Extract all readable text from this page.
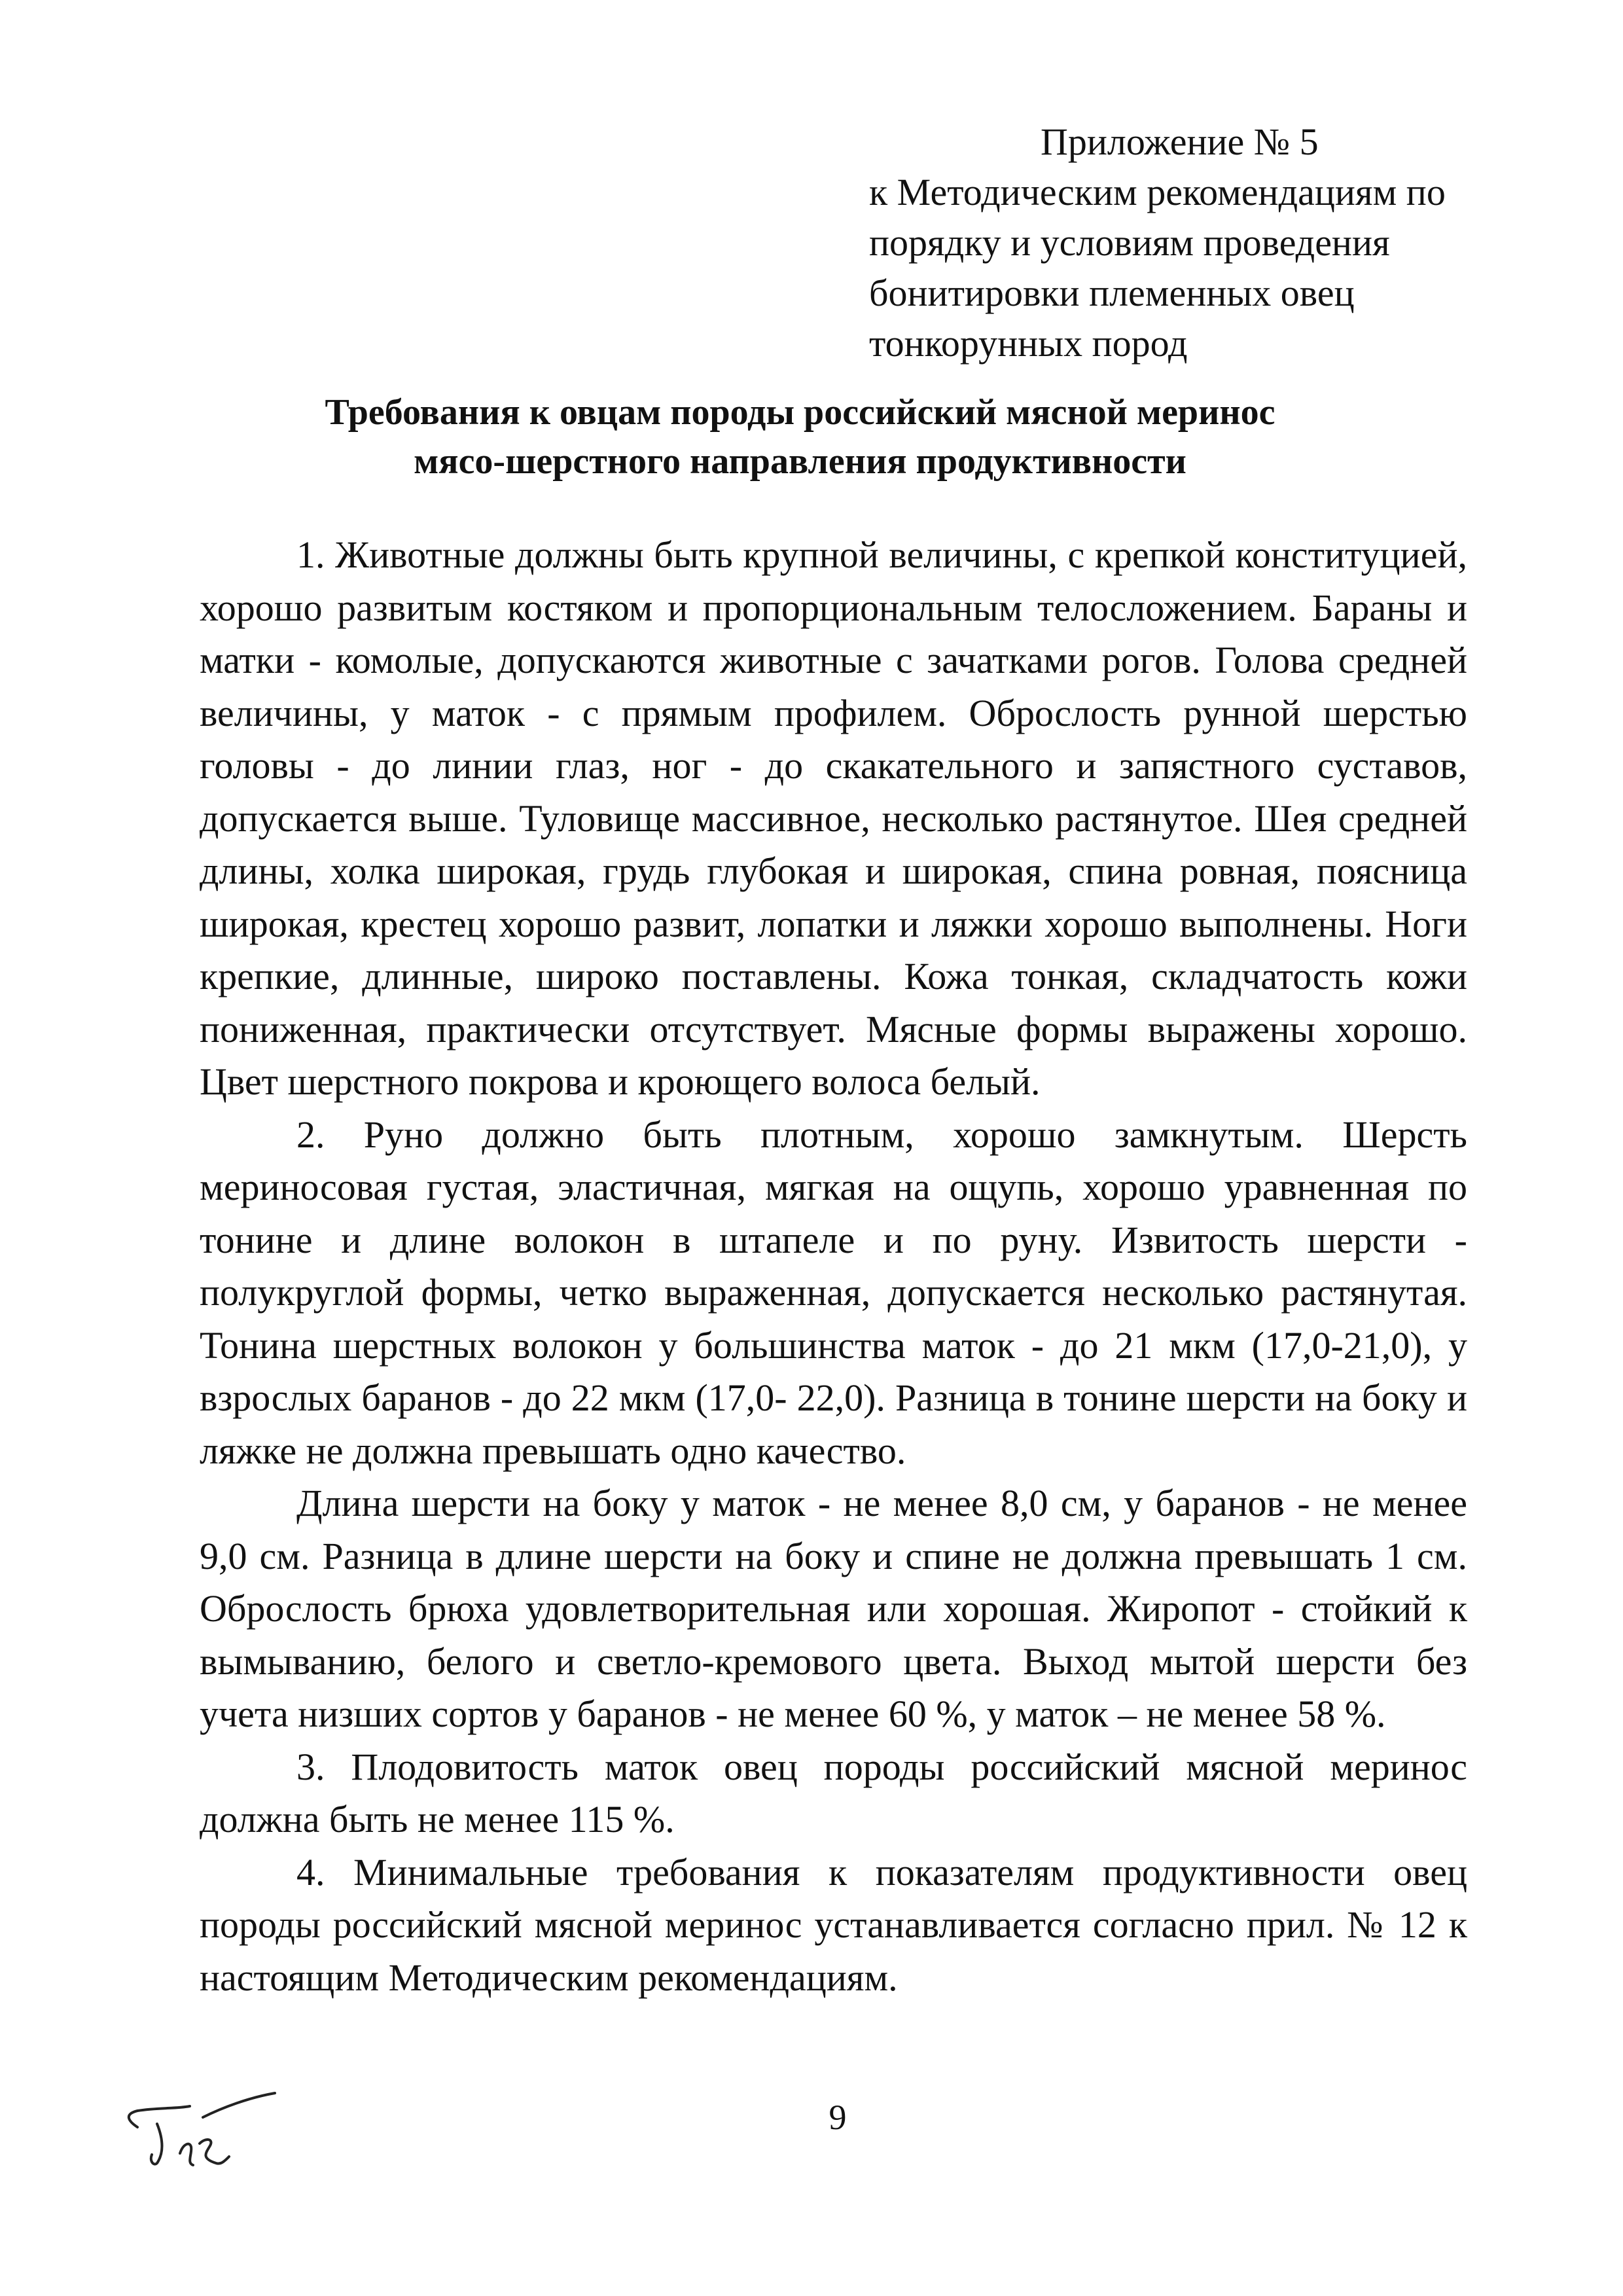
Приложение № 5
к Методическим рекомендациям по
порядку и условиям проведения
бонитировки племенных овец
тонкорунных пород
Требования к овцам породы российский мясной меринос
мясо-шерстного направления продуктивности

1. Животные должны быть крупной величины, с крепкой конституцией, хорошо развитым костяком и пропорциональным телосложением. Бараны и матки - комолые, допускаются животные с зачатками рогов. Голова средней величины, у маток - с прямым профилем. Оброслость рунной шерстью головы - до линии глаз, ног - до скакательного и запястного суставов, допускается выше. Туловище массивное, несколько растянутое. Шея средней длины, холка широкая, грудь глубокая и широкая, спина ровная, поясница широкая, крестец хорошо развит, лопатки и ляжки хорошо выполнены. Ноги крепкие, длинные, широко поставлены. Кожа тонкая, складчатость кожи пониженная, практически отсутствует. Мясные формы выражены хорошо. Цвет шерстного покрова и кроющего волоса белый.

2. Руно должно быть плотным, хорошо замкнутым. Шерсть мериносовая густая, эластичная, мягкая на ощупь, хорошо уравненная по тонине и длине волокон в штапеле и по руну. Извитость шерсти - полукруглой формы, четко выраженная, допускается несколько растянутая. Тонина шерстных волокон у большинства маток - до 21 мкм (17,0-21,0), у взрослых баранов - до 22 мкм (17,0- 22,0). Разница в тонине шерсти на боку и ляжке не должна превышать одно качество.

Длина шерсти на боку у маток - не менее 8,0 см, у баранов - не менее 9,0 см. Разница в длине шерсти на боку и спине не должна превышать 1 см. Оброслость брюха удовлетворительная или хорошая. Жиропот - стойкий к вымыванию, белого и светло-кремового цвета. Выход мытой шерсти без учета низших сортов у баранов - не менее 60 %, у маток – не менее 58 %.

3. Плодовитость маток овец породы российский мясной меринос должна быть не менее 115 %.

4. Минимальные требования к показателям продуктивности овец породы российский мясной меринос устанавливается согласно прил. № 12 к настоящим Методическим рекомендациям.

9
